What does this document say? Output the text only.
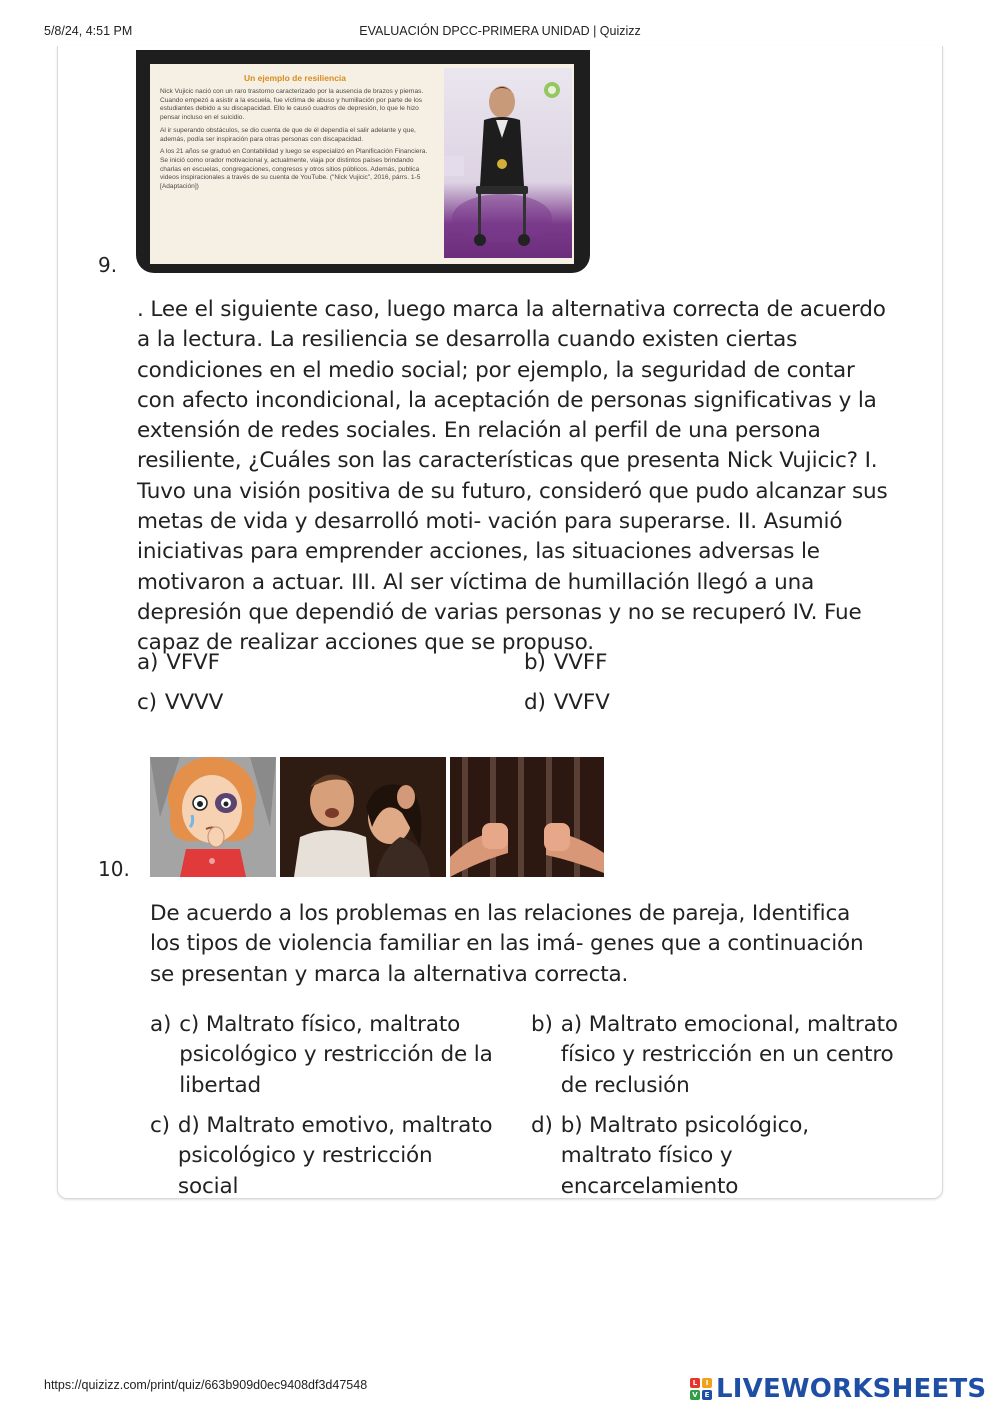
5/8/24, 4:51 PM	EVALUACIÓN DPCC-PRIMERA UNIDAD | Quizizz
9.
Un ejemplo de resiliencia

Nick Vujicic nació con un raro trastorno caracterizado por la ausencia de brazos y piernas. Cuando empezó a asistir a la escuela, fue víctima de abuso y humillación por parte de los estudiantes debido a su discapacidad. Ello le causó cuadros de depresión, lo que le hizo pensar incluso en el suicidio.

Al ir superando obstáculos, se dio cuenta de que de él dependía el salir adelante y que, además, podía ser inspiración para otras personas con discapacidad.

A los 21 años se graduó en Contabilidad y luego se especializó en Planificación Financiera. Se inició como orador motivacional y, actualmente, viaja por distintos países brindando charlas en escuelas, congregaciones, congresos y otros sitios públicos. Además, publica videos inspiracionales a través de su cuenta de YouTube. ("Nick Vujicic", 2016, párrs. 1-5 [Adaptación])

. Lee el siguiente caso, luego marca la alternativa correcta de acuerdo a la lectura. La resiliencia se desarrolla cuando existen ciertas condiciones en el medio social; por ejemplo, la seguridad de contar con afecto incondicional, la aceptación de personas significativas y la extensión de redes sociales. En relación al perfil de una persona resiliente, ¿Cuáles son las características que presenta Nick Vujicic? I. Tuvo una visión positiva de su futuro, consideró que pudo alcanzar sus metas de vida y desarrolló moti- vación para superarse. II. Asumió iniciativas para emprender acciones, las situaciones adversas le motivaron a actuar. III. Al ser víctima de humillación llegó a una depresión que dependió de varias personas y no se recuperó IV. Fue capaz de realizar acciones que se propuso.
a) VFVF	b) VVFF
c) VVVV	d) VVFV
10.
De acuerdo a los problemas en las relaciones de pareja, Identifica los tipos de violencia familiar en las imá- genes que a continuación se presentan y marca la alternativa correcta.
a) c) Maltrato físico, maltrato psicológico y restricción de la libertad
b) a) Maltrato emocional, maltrato físico y restricción en un centro de reclusión
c) d) Maltrato emotivo, maltrato psicológico y restricción social
d) b) Maltrato psicológico, maltrato físico y encarcelamiento
https://quizizz.com/print/quiz/663b909d0ec9408df3d47548	L	I
V E LIVEWORKSHEETS
